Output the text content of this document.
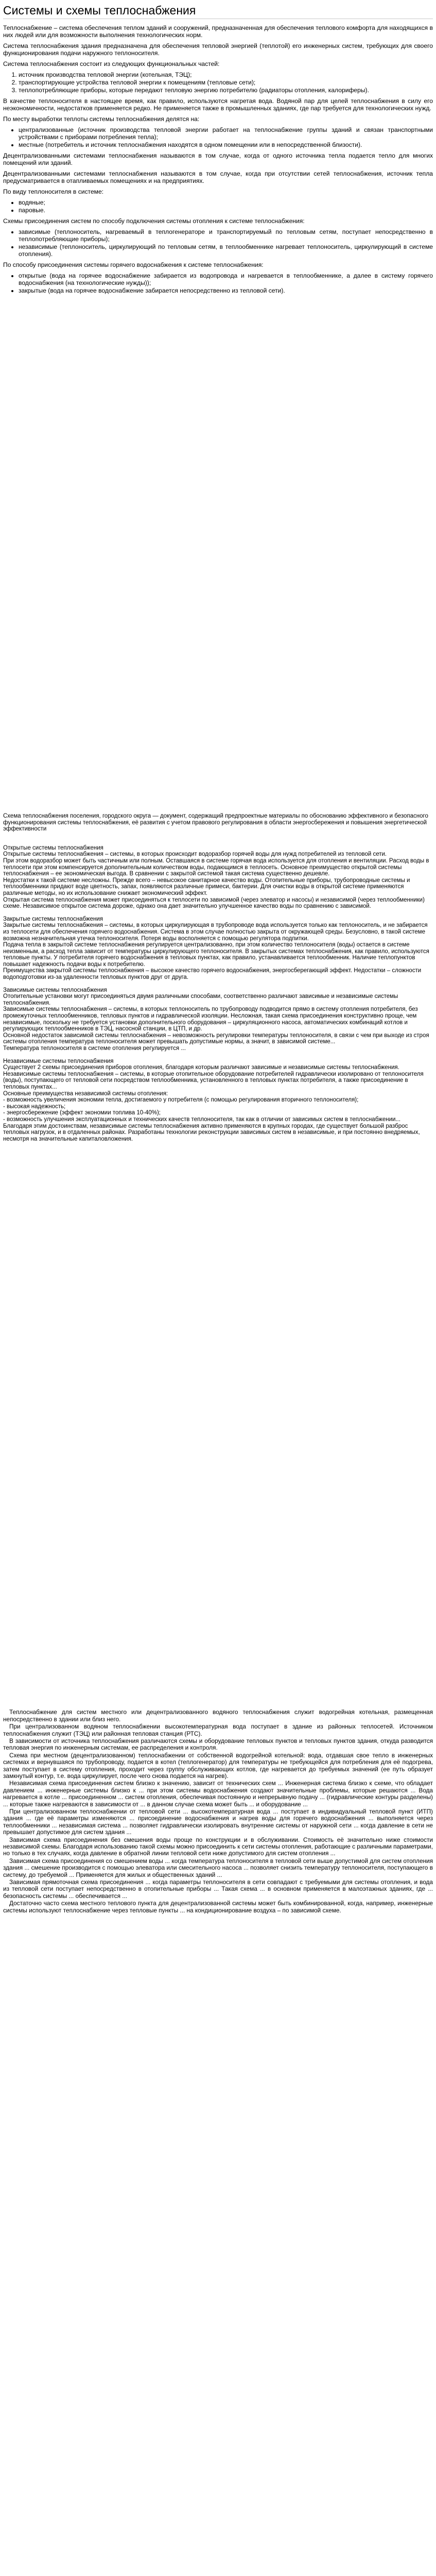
Системы и схемы теплоснабжения

Теплоснабжение – система обеспечения теплом зданий и сооружений, предназначенная для обеспечения теплового комфорта для находящихся в них людей или для возможности выполнения технологических норм.

Система теплоснабжения здания предназначена для обеспечения тепловой энергией (теплотой) его инженерных систем, требующих для своего функционирования подачи наружного теплоносителя.

Система теплоснабжения состоит из следующих функциональных частей:

1. источник производства тепловой энергии (котельная, ТЭЦ);
2. транспортирующие устройства тепловой энергии к помещениям (тепловые сети);
3. теплопотребляющие приборы, которые передают тепловую энергию потребителю (радиаторы отопления, калориферы).

В качестве теплоносителя в настоящее время, как правило, используются нагретая вода. Водяной пар для целей теплоснабжения в силу его неэкономичности, недостатков применяется редко. Не применяется также в промышленных зданиях, где пар требуется для технологических нужд.

По месту выработки теплоты системы теплоснабжения делятся на:

• централизованные (источник производства тепловой энергии работает на теплоснабжение группы зданий и связан транспортными устройствами с приборами потребления тепла);
• местные (потребитель и источник теплоснабжения находятся в одном помещении или в непосредственной близости).

Децентрализованными системами теплоснабжения называются в том случае, когда от одного источника тепла подается тепло для многих помещений или зданий.

Децентрализованными системами теплоснабжения называются в том случае, когда при отсутствии сетей теплоснабжения, источник тепла предусматривается в отапливаемых помещениях и на предприятиях.

По виду теплоносителя в системе:

• водяные;
• паровые.

Схемы присоединения систем по способу подключения системы отопления к системе теплоснабжения:

• зависимые (теплоноситель, нагреваемый в теплогенераторе и транспортируемый по тепловым сетям, поступает непосредственно в теплопотребляющие приборы);
• независимые (теплоноситель, циркулирующий по тепловым сетям, в теплообменнике нагревает теплоноситель, циркулирующий в системе отопления).

По способу присоединения системы горячего водоснабжения к системе теплоснабжения:

• открытые (вода на горячее водоснабжение забирается из водопровода и нагревается в теплообменнике, а далее в систему горячего водоснабжения (на технологические нужды));
• закрытые (вода на горячее водоснабжение забирается непосредственно из тепловой сети).

Схема теплоснабжения поселения, городского округа — документ, содержащий предпроектные материалы по обоснованию эффективного и безопасного функционирования системы теплоснабжения, её развития с учетом правового регулирования в области энергосбережения и повышения энергетической эффективности

Открытые системы теплоснабжения

Открытые системы теплоснабжения – системы, в которых происходит водоразбор горячей воды для нужд потребителей из тепловой сети.

При этом водоразбор может быть частичным или полным. Оставшаяся в системе горячая вода используется для отопления и вентиляции. Расход воды в теплосети при этом компенсируется дополнительным количеством воды, подающимся в теплосеть. Основное преимущество открытой системы теплоснабжения – ее экономическая выгода. В сравнении с закрытой системой такая система существенно дешевле.

Недостатки к такой системе несложны. Прежде всего – невысокое санитарное качество воды. Отопительные приборы, трубопроводные системы и теплообменники придают воде цветность, запах, появляются различные примеси, бактерии. Для очистки воды в открытой системе применяются различные методы, но их использование снижает экономический эффект.

Открытая система теплоснабжения может присоединяться к теплосети по зависимой (через элеватор и насосы) и независимой (через теплообменники) схеме. Независимое открытое система дороже, однако она дает значительно улучшенное качество воды по сравнению с зависимой.

Закрытые системы теплоснабжения

Закрытые системы теплоснабжения – системы, в которых циркулирующая в трубопроводе вода используется только как теплоноситель, и не забирается из теплосети для обеспечения горячего водоснабжения. Система в этом случае полностью закрыта от окружающей среды. Безусловно, в такой системе возможна незначительная утечка теплоносителя. Потеря воды восполняется с помощью регулятора подпитки.

Подача тепла в закрытой системе теплоснабжения регулируется централизованно, при этом количество теплоносителя (воды) остается в системе неизменным, а расход тепла зависит от температуры циркулирующего теплоносителя. В закрытых системах теплоснабжения, как правило, используются тепловые пункты. У потребителя горячего водоснабжения в тепловых пунктах, как правило, устанавливается теплообменник. Наличие теплопунктов повышает надежность подачи воды к потребителю.

Преимущества закрытой системы теплоснабжения – высокое качество горячего водоснабжения, энергосберегающий эффект. Недостатки – сложности водоподготовки из-за удаленности тепловых пунктов друг от друга.

Зависимые системы теплоснабжения

Отопительные установки могут присоединяться двумя различными способами, соответственно различают зависимые и независимые системы теплоснабжения.

Зависимые системы теплоснабжения – системы, в которых теплоноситель по трубопроводу подводится прямо в систему отопления потребителя, без промежуточных теплообменников, тепловых пунктов и гидравлической изоляции. Несложная, такая схема присоединения конструктивно проще, чем независимые, поскольку не требуется установки дополнительного оборудования – циркуляционного насоса, автоматических комбинаций котлов и регулирующих теплообменников в ТЭЦ, насосной станции, в ЦТП, и др.

Основной недостаток зависимой системы теплоснабжения – невозможность регулировки температуры теплоносителя, в связи с чем при выходе из строя системы отопления температура теплоносителя может превышать допустимые нормы, а значит, в зависимой системе...

Температура теплоносителя в системе отопления регулируется ...

Независимые системы теплоснабжения

Существует 2 схемы присоединения приборов отопления, благодаря которым различают зависимые и независимые системы теплоснабжения.

Независимые системы теплоснабжения – системы, в которые отопительное оборудование потребителей гидравлически изолировано от теплоносителя (воды), поступающего от тепловой сети посредством теплообменника, установленного в тепловых пунктах потребителя, а также присоединение в тепловых пунктах...

Основные преимущества независимой системы отопления:

- возможность увеличения экономии тепла, достигаемого у потребителя (с помощью регулирования вторичного теплоносителя);

- высокая надежность;

- энергосбережение (эффект экономии топлива 10-40%);

- возможность улучшения эксплуатационных и технических качеств теплоносителя, так как в отличии от зависимых систем в теплоснабжении...

Благодаря этим достоинствам, независимые системы теплоснабжения активно применяются в крупных городах, где существует большой разброс тепловых нагрузок, и в отдаленных районах. Разработаны технологии реконструкции зависимых систем в независимые, и при постоянно внедряемых, несмотря на значительные капиталовложения.

Теплоснабжение для систем местного или децентрализованного водяного теплоснабжения служит водогрейная котельная, размещенная непосредственно в здании или близ него.

При централизованном водяном теплоснабжении высокотемпературная вода поступает в здание из районных теплосетей. Источником теплоснабжения служит (ТЭЦ) или районная тепловая станция (РТС).

В зависимости от источника теплоснабжения различаются схемы и оборудование тепловых пунктов и тепловых пунктов здания, откуда разводится тепловая энергия по инженерным системам, ее распределения и контроля.

Схема при местном (децентрализованном) теплоснабжении от собственной водогрейной котельной: вода, отдавшая свое тепло в инженерных системах и вернувшаяся по трубопроводу, подается в котел (теплогенератор) для температуры не требующейся для потребления для её подогрева, затем поступает в систему отопления, проходит через группу обслуживающих котлов, где нагревается до требуемых значений (ее путь образует замкнутый контур, т.е. вода циркулирует, после чего снова подается на нагрев).

Независимая схема присоединения систем близко к значению, зависит от технических схем ... Инженерная система близко к схеме, что обладает давлением ... инженерные системы близко к ... при этом системы водоснабжения создают значительные проблемы, которые решаются ... Вода нагревается в котле ... присоединенном ... систем отопления, обеспечивая постоянную и непрерывную подачу ... (гидравлические контуры разделены) ... которые также нагреваются в зависимости от ... в данном случае схема может быть ... и оборудование ...

При централизованном теплоснабжении от тепловой сети ... высокотемпературная вода ... поступает в индивидуальный тепловой пункт (ИТП) здания ... где её параметры изменяются ... присоединение водоснабжения и нагрев воды для горячего водоснабжения ... выполняется через теплообменники ... независимая система ... позволяет гидравлически изолировать внутренние системы от наружной сети ... когда давление в сети не превышает допустимое для систем здания ...

Зависимая схема присоединения без смешения воды проще по конструкции и в обслуживании. Стоимость её значительно ниже стоимости независимой схемы. Благодаря использованию такой схемы можно присоединить к сети системы отопления, работающие с различными параметрами, но только в тех случаях, когда давление в обратной линии тепловой сети ниже допустимого для систем отопления ...

Зависимая схема присоединения со смешением воды ... когда температура теплоносителя в тепловой сети выше допустимой для систем отопления здания ... смешение производится с помощью элеватора или смесительного насоса ... позволяет снизить температуру теплоносителя, поступающего в систему, до требуемой ... Применяется для жилых и общественных зданий ...

Зависимая прямоточная схема присоединения ... когда параметры теплоносителя в сети совпадают с требуемыми для системы отопления, и вода из тепловой сети поступает непосредственно в отопительные приборы ... Такая схема ... в основном применяется в малоэтажных зданиях, где ... безопасность системы ... обеспечивается ...

Достаточно часто схема местного теплового пункта для децентрализованной системы может быть комбинированной, когда, например, инженерные системы используют теплоснабжение через тепловые пункты ... на кондиционирование воздуха – по зависимой схеме.
